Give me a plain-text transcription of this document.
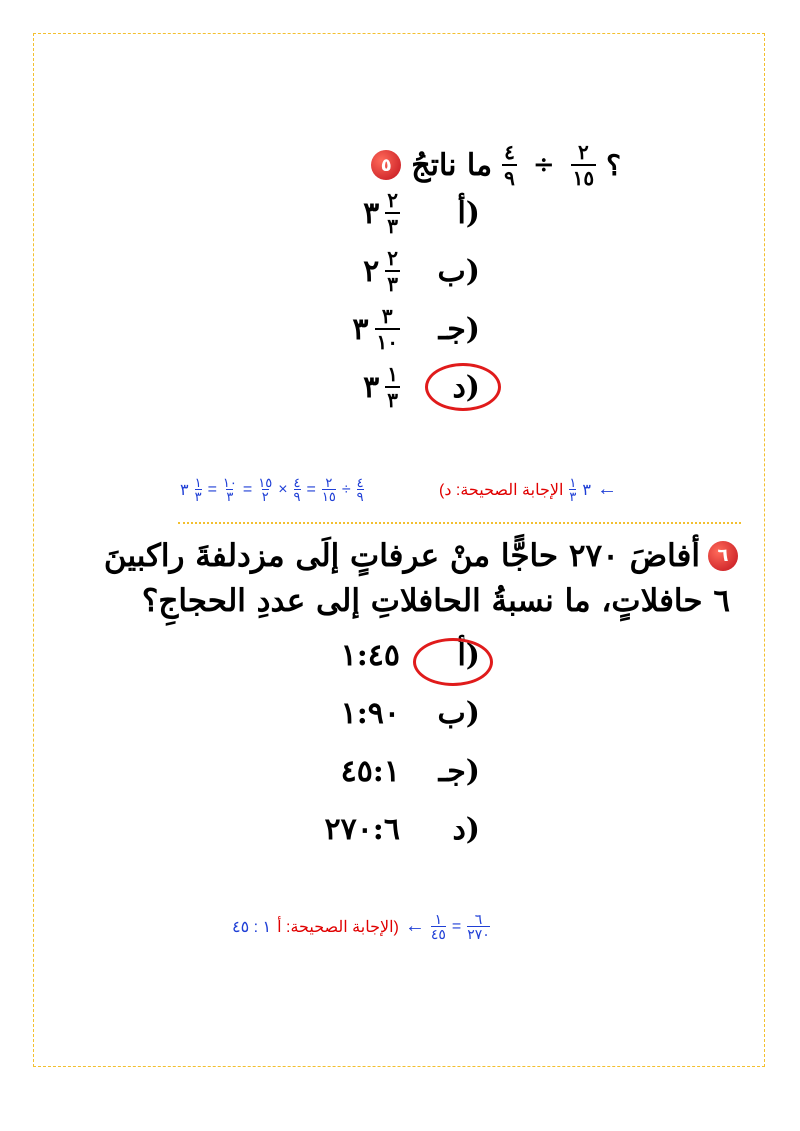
٥ ما ناتجُ $\frac{٤}{٩} \div \frac{٢}{١٥}$ ؟
أ)
$\frac{٢}{٣}$
٣
ب)
$\frac{٢}{٣}$
٢
جـ)
$\frac{٣}{١٠}$
٣
د)
$\frac{١}{٣}$
٣
الإجابة الصحيحة: د) ١
٣ ٣ ←
٣ ١
٣ = ١٠
٣ = ١٥
٢ × ٤
٩ = ٢
١٥ ÷ ٤
٩
٦
أفاضَ ٢٧٠ حاجًّا منْ عرفاتٍ إلَى مزدلفةَ راكبينَ
٦ حافلاتٍ، ما نسبةُ الحافلاتِ إلى عددِ الحجاجِ؟
أ)
١:٤٥
ب)
١:٩٠
جـ)
٤٥:١
د)
٢٧٠:٦
١ : ٤٥ الإجابة الصحيحة: أ) ← ١
٤٥ = ٦
٢٧٠
